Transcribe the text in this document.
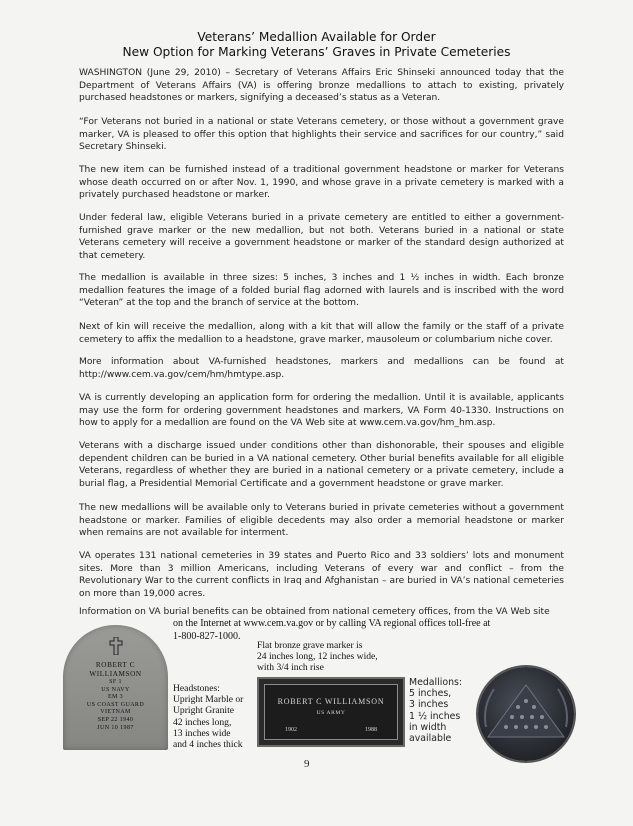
Veterans’ Medallion Available for Order
New Option for Marking Veterans’ Graves in Private Cemeteries

WASHINGTON (June 29, 2010) – Secretary of Veterans Affairs Eric Shinseki announced today that the Department of Veterans Affairs (VA) is offering bronze medallions to attach to existing, privately purchased headstones or markers, signifying a deceased’s status as a Veteran.

“For Veterans not buried in a national or state Veterans cemetery, or those without a government grave marker, VA is pleased to offer this option that highlights their service and sacrifices for our country,” said Secretary Shinseki.

The new item can be furnished instead of a traditional government headstone or marker for Veterans whose death occurred on or after Nov. 1, 1990, and whose grave in a private cemetery is marked with a privately purchased headstone or marker.

Under federal law, eligible Veterans buried in a private cemetery are entitled to either a government-furnished grave marker or the new medallion, but not both. Veterans buried in a national or state Veterans cemetery will receive a government headstone or marker of the standard design authorized at that cemetery.

The medallion is available in three sizes: 5 inches, 3 inches and 1 ½ inches in width. Each bronze medallion features the image of a folded burial flag adorned with laurels and is inscribed with the word “Veteran” at the top and the branch of service at the bottom.

Next of kin will receive the medallion, along with a kit that will allow the family or the staff of a private cemetery to affix the medallion to a headstone, grave marker, mausoleum or columbarium niche cover.

More information about VA-furnished headstones, markers and medallions can be found at http://www.cem.va.gov/cem/hm/hmtype.asp.

VA is currently developing an application form for ordering the medallion. Until it is available, applicants may use the form for ordering government headstones and markers, VA Form 40-1330. Instructions on how to apply for a medallion are found on the VA Web site at www.cem.va.gov/hm_hm.asp.

Veterans with a discharge issued under conditions other than dishonorable, their spouses and eligible dependent children can be buried in a VA national cemetery. Other burial benefits available for all eligible Veterans, regardless of whether they are buried in a national cemetery or a private cemetery, include a burial flag, a Presidential Memorial Certificate and a government headstone or grave marker.

The new medallions will be available only to Veterans buried in private cemeteries without a government headstone or marker. Families of eligible decedents may also order a memorial headstone or marker when remains are not available for interment.

VA operates 131 national cemeteries in 39 states and Puerto Rico and 33 soldiers’ lots and monument sites. More than 3 million Americans, including Veterans of every war and conflict – from the Revolutionary War to the current conflicts in Iraq and Afghanistan – are buried in VA’s national cemeteries on more than 19,000 acres.

Information on VA burial benefits can be obtained from national cemetery offices, from the VA Web site
on the Internet at www.cem.va.gov or by calling VA regional offices toll-free at
1-800-827-1000.
ROBERT C
WILLIAMSON
SF 1
US NAVY
EM 3
US COAST GUARD
VIETNAM
SEP 22 1940
JUN 10 1987
Headstones:
Upright Marble or
Upright Granite
42 inches long,
13 inches wide
and 4 inches thick
Flat bronze grave marker is
24 inches long, 12 inches wide,
with 3/4 inch rise
ROBERT C WILLIAMSON
US ARMY
1902	1988
Medallions:
5 inches,
3 inches
1 ½ inches
in width
available
9
